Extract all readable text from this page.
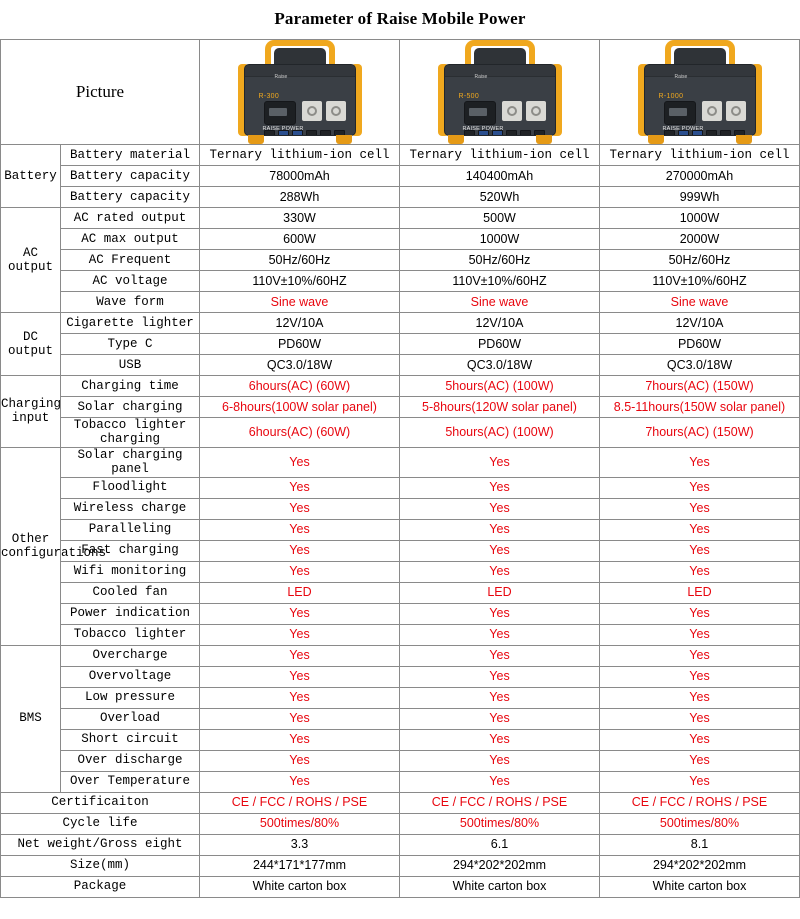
Parameter of Raise Mobile Power
Picture	
Raise
R-300
RAISE POWER

Raise
R-500
RAISE POWER

Raise
R-1000
RAISE POWER

Battery	Battery material	Ternary lithium-ion cell	Ternary lithium-ion cell	Ternary lithium-ion cell
	Battery capacity	78000mAh	140400mAh	270000mAh
	Battery capacity	288Wh	520Wh	999Wh
AC output	AC rated output	330W	500W	1000W
	AC max output	600W	1000W	2000W
	AC Frequent	50Hz/60Hz	50Hz/60Hz	50Hz/60Hz
	AC voltage	110V±10%/60HZ	110V±10%/60HZ	110V±10%/60HZ
	Wave form	Sine wave	Sine wave	Sine wave
DC output	Cigarette lighter	12V/10A	12V/10A	12V/10A
	Type C	PD60W	PD60W	PD60W
	USB	QC3.0/18W	QC3.0/18W	QC3.0/18W
Charging input	Charging time	6hours(AC) (60W)	5hours(AC) (100W)	7hours(AC) (150W)
	Solar charging	6-8hours(100W solar panel)	5-8hours(120W solar panel)	8.5-11hours(150W solar panel)
	Tobacco lighter charging	6hours(AC) (60W)	5hours(AC) (100W)	7hours(AC) (150W)
Other configurations	Solar charging panel	Yes	Yes	Yes
	Floodlight	Yes	Yes	Yes
	Wireless charge	Yes	Yes	Yes
	Paralleling	Yes	Yes	Yes
	Fast charging	Yes	Yes	Yes
	Wifi monitoring	Yes	Yes	Yes
	Cooled fan	LED	LED	LED
	Power indication	Yes	Yes	Yes
	Tobacco lighter	Yes	Yes	Yes
BMS	Overcharge	Yes	Yes	Yes
	Overvoltage	Yes	Yes	Yes
	Low pressure	Yes	Yes	Yes
	Overload	Yes	Yes	Yes
	Short circuit	Yes	Yes	Yes
	Over discharge	Yes	Yes	Yes
	Over Temperature	Yes	Yes	Yes
Certificaiton		CE / FCC / ROHS / PSE	CE / FCC / ROHS / PSE	CE / FCC / ROHS / PSE
Cycle life		500times/80%	500times/80%	500times/80%
Net weight/Gross eight		3.3	6.1	8.1
Size(mm)		244*171*177mm	294*202*202mm	294*202*202mm
Package		White carton box	White carton box	White carton box
